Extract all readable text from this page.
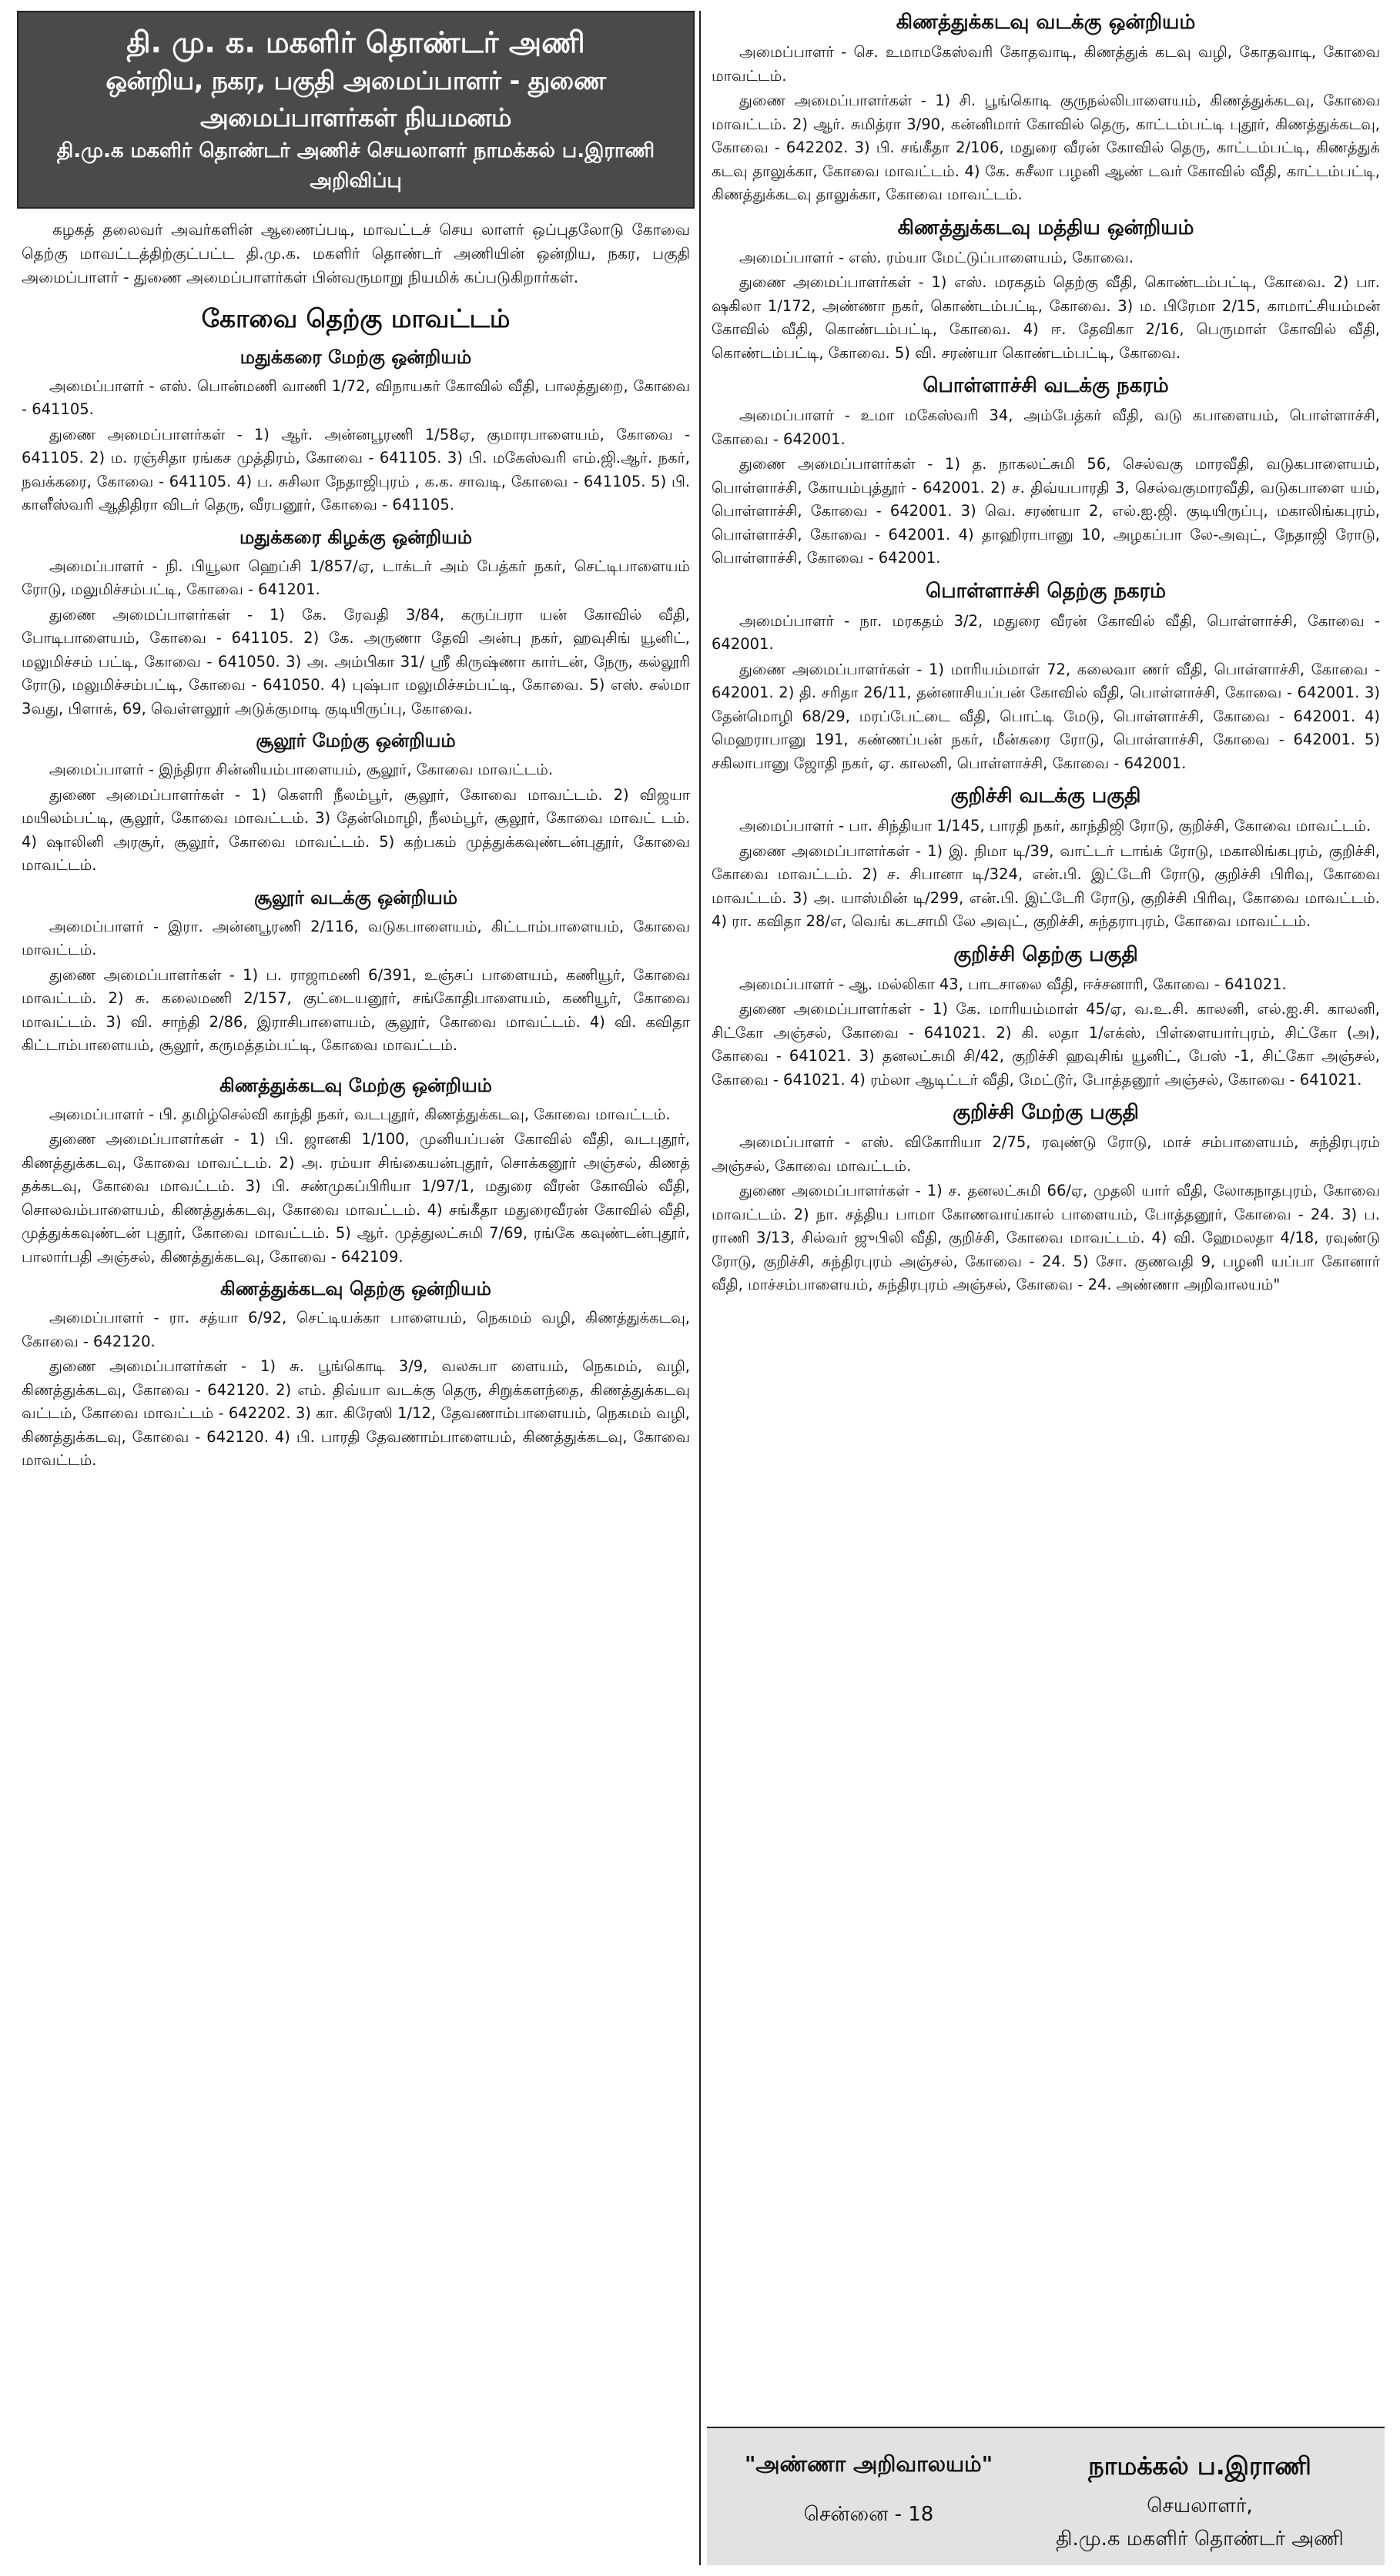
தி. மு. க. மகளிர் தொண்டர் அணி
ஒன்றிய, நகர, பகுதி அமைப்பாளர் - துணை அமைப்பாளர்கள் நியமனம்
தி.மு.க மகளிர் தொண்டர் அணிச் செயலாளர் நாமக்கல் ப.இராணி அறிவிப்பு
கழகத் தலைவர் அவர்களின் ஆணைப்படி, மாவட்டச் செய லாளர் ஒப்புதலோடு கோவை தெற்கு மாவட்டத்திற்குட்பட்ட தி.மு.க. மகளிர் தொண்டர் அணியின் ஒன்றிய, நகர, பகுதி அமைப்பாளர் - துணை அமைப்பாளர்கள் பின்வருமாறு நியமிக் கப்படுகிறார்கள்.
கோவை தெற்கு மாவட்டம்
மதுக்கரை மேற்கு ஒன்றியம்
அமைப்பாளர் - எஸ். பொன்மணி வாணி 1/72, விநாயகர் கோவில் வீதி, பாலத்துறை, கோவை - 641105.
துணை அமைப்பாளர்கள் - 1) ஆர். அன்னபூரணி 1/58ஏ, குமாரபாளையம், கோவை - 641105. 2) ம. ரஞ்சிதா ரங்கச முத்திரம், கோவை - 641105. 3) பி. மகேஸ்வரி எம்.ஜி.ஆர். நகர், நவக்கரை, கோவை - 641105. 4) ப. சுசிலா நேதாஜிபுரம் , க.க. சாவடி, கோவை - 641105. 5) பி. காளீஸ்வரி ஆதிதிரா விடர் தெரு, வீரபனூர், கோவை - 641105.
மதுக்கரை கிழக்கு ஒன்றியம்
அமைப்பாளர் - நி. பியூலா ஹெப்சி 1/857/ஏ, டாக்டர் அம் பேத்கர் நகர், செட்டிபாளையம் ரோடு, மலுமிச்சம்பட்டி, கோவை - 641201.
துணை அமைப்பாளர்கள் - 1) கே. ரேவதி 3/84, கருப்பரா யன் கோவில் வீதி, போடிபாளையம், கோவை - 641105. 2) கே. அருணா தேவி அன்பு நகர், ஹவுசிங் யூனிட், மலுமிச்சம் பட்டி, கோவை - 641050. 3) அ. அம்பிகா 31/ ஸ்ரீ கிருஷ்ணா கார்டன், நேரு, கல்லூரி ரோடு, மலுமிச்சம்பட்டி, கோவை - 641050. 4) புஷ்பா மலுமிச்சம்பட்டி, கோவை. 5) எஸ். சல்மா 3வது, பிளாக், 69, வெள்ளலூர் அடுக்குமாடி குடியிருப்பு, கோவை.
சூலூர் மேற்கு ஒன்றியம்
அமைப்பாளர் - இந்திரா சின்னியம்பாளையம், சூலூர், கோவை மாவட்டம்.
துணை அமைப்பாளர்கள் - 1) கௌரி நீலம்பூர், சூலூர், கோவை மாவட்டம். 2) விஜயா மயிலம்பட்டி, சூலூர், கோவை மாவட்டம். 3) தேன்மொழி, நீலம்பூர், சூலூர், கோவை மாவட் டம். 4) ஷாலினி அரசூர், சூலூர், கோவை மாவட்டம். 5) கற்பகம் முத்துக்கவுண்டன்புதூர், கோவை மாவட்டம்.
சூலூர் வடக்கு ஒன்றியம்
அமைப்பாளர் - இரா. அன்னபூரணி 2/116, வடுகபாளையம், கிட்டாம்பாளையம், கோவை மாவட்டம்.
துணை அமைப்பாளர்கள் - 1) ப. ராஜாமணி 6/391, உஞ்சப் பாளையம், கணியூர், கோவை மாவட்டம். 2) சு. கலைமணி 2/157, குட்டையனூர், சங்கோதிபாளையம், கணியூர், கோவை மாவட்டம். 3) வி. சாந்தி 2/86, இராசிபாளையம், சூலூர், கோவை மாவட்டம். 4) வி. கவிதா கிட்டாம்பாளையம், சூலூர், கருமத்தம்பட்டி, கோவை மாவட்டம்.
கிணத்துக்கடவு மேற்கு ஒன்றியம்
அமைப்பாளர் - பி. தமிழ்செல்வி காந்தி நகர், வடபுதூர், கிணத்துக்கடவு, கோவை மாவட்டம்.
துணை அமைப்பாளர்கள் - 1) பி. ஜானகி 1/100, முனியப்பன் கோவில் வீதி, வடபுதூர், கிணத்துக்கடவு, கோவை மாவட்டம். 2) அ. ரம்யா சிங்கையன்புதூர், சொக்கனூர் அஞ்சல், கிணத் தக்கடவு, கோவை மாவட்டம். 3) பி. சண்முகப்பிரியா 1/97/1, மதுரை வீரன் கோவில் வீதி, சொலவம்பாளையம், கிணத்துக்கடவு, கோவை மாவட்டம். 4) சங்கீதா மதுரைவீரன் கோவில் வீதி, முத்துக்கவுண்டன் புதூர், கோவை மாவட்டம். 5) ஆர். முத்துலட்சுமி 7/69, ரங்கே கவுண்டன்புதூர், பாலார்பதி அஞ்சல், கிணத்துக்கடவு, கோவை - 642109.
கிணத்துக்கடவு தெற்கு ஒன்றியம்
அமைப்பாளர் - ரா. சத்யா 6/92, செட்டியக்கா பாளையம், நெகமம் வழி, கிணத்துக்கடவு, கோவை - 642120.
துணை அமைப்பாளர்கள் - 1) சு. பூங்கொடி 3/9, வலசுபா ளையம், நெகமம், வழி, கிணத்துக்கடவு, கோவை - 642120. 2) எம். திவ்யா வடக்கு தெரு, சிறுக்களந்தை, கிணத்துக்கடவு வட்டம், கோவை மாவட்டம் - 642202. 3) கா. கிரேஸி 1/12, தேவணாம்பாளையம், நெகமம் வழி, கிணத்துக்கடவு, கோவை - 642120. 4) பி. பாரதி தேவணாம்பாளையம், கிணத்துக்கடவு, கோவை மாவட்டம்.
கிணத்துக்கடவு வடக்கு ஒன்றியம்
அமைப்பாளர் - செ. உமாமகேஸ்வரி கோதவாடி, கிணத்துக் கடவு வழி, கோதவாடி, கோவை மாவட்டம்.
துணை அமைப்பாளர்கள் - 1) சி. பூங்கொடி குருநல்லிபாளையம், கிணத்துக்கடவு, கோவை மாவட்டம். 2) ஆர். சுமித்ரா 3/90, கன்னிமார் கோவில் தெரு, காட்டம்பட்டி புதூர், கிணத்துக்கடவு, கோவை - 642202. 3) பி. சங்கீதா 2/106, மதுரை வீரன் கோவில் தெரு, காட்டம்பட்டி, கிணத்துக் கடவு தாலுக்கா, கோவை மாவட்டம். 4) கே. சுசீலா பழனி ஆண் டவர் கோவில் வீதி, காட்டம்பட்டி, கிணத்துக்கடவு தாலுக்கா, கோவை மாவட்டம்.
கிணத்துக்கடவு மத்திய ஒன்றியம்
அமைப்பாளர் - எஸ். ரம்யா மேட்டுப்பாளையம், கோவை.
துணை அமைப்பாளர்கள் - 1) எஸ். மரகதம் தெற்கு வீதி, கொண்டம்பட்டி, கோவை. 2) பா. ஷகிலா 1/172, அண்ணா நகர், கொண்டம்பட்டி, கோவை. 3) ம. பிரேமா 2/15, காமாட்சியம்மன் கோவில் வீதி, கொண்டம்பட்டி, கோவை. 4) ஈ. தேவிகா 2/16, பெருமாள் கோவில் வீதி, கொண்டம்பட்டி, கோவை. 5) வி. சரண்யா கொண்டம்பட்டி, கோவை.
பொள்ளாச்சி வடக்கு நகரம்
அமைப்பாளர் - உமா மகேஸ்வரி 34, அம்பேத்கர் வீதி, வடு கபாளையம், பொள்ளாச்சி, கோவை - 642001.
துணை அமைப்பாளர்கள் - 1) த. நாகலட்சுமி 56, செல்வகு மாரவீதி, வடுகபாளையம், பொள்ளாச்சி, கோயம்புத்தூர் - 642001. 2) ச. திவ்யபாரதி 3, செல்வகுமாரவீதி, வடுகபாளை யம், பொள்ளாச்சி, கோவை - 642001. 3) வெ. சரண்யா 2, எல்.ஐ.ஜி. குடியிருப்பு, மகாலிங்கபுரம், பொள்ளாச்சி, கோவை - 642001. 4) தாஹிராபானு 10, அழகப்பா லே-அவுட், நேதாஜி ரோடு, பொள்ளாச்சி, கோவை - 642001.
பொள்ளாச்சி தெற்கு நகரம்
அமைப்பாளர் - நா. மரகதம் 3/2, மதுரை வீரன் கோவில் வீதி, பொள்ளாச்சி, கோவை - 642001.
துணை அமைப்பாளர்கள் - 1) மாரியம்மாள் 72, கலைவா ணர் வீதி, பொள்ளாச்சி, கோவை - 642001. 2) தி. சரிதா 26/11, தன்னாசியப்பன் கோவில் வீதி, பொள்ளாச்சி, கோவை - 642001. 3) தேன்மொழி 68/29, மரப்பேட்டை வீதி, பொட்டி மேடு, பொள்ளாச்சி, கோவை - 642001. 4) மெஹராபானு 191, கண்ணப்பன் நகர், மீன்கரை ரோடு, பொள்ளாச்சி, கோவை - 642001. 5) சகிலாபானு ஜோதி நகர், ஏ. காலனி, பொள்ளாச்சி, கோவை - 642001.
குறிச்சி வடக்கு பகுதி
அமைப்பாளர் - பா. சிந்தியா 1/145, பாரதி நகர், காந்திஜி ரோடு, குறிச்சி, கோவை மாவட்டம்.
துணை அமைப்பாளர்கள் - 1) இ. நிமா டி/39, வாட்டர் டாங்க் ரோடு, மகாலிங்கபுரம், குறிச்சி, கோவை மாவட்டம். 2) ச. சிபானா டி/324, என்.பி. இட்டேரி ரோடு, குறிச்சி பிரிவு, கோவை மாவட்டம். 3) அ. யாஸ்மின் டி/299, என்.பி. இட்டேரி ரோடு, குறிச்சி பிரிவு, கோவை மாவட்டம். 4) ரா. கவிதா 28/எ, வெங் கடசாமி லே அவுட், குறிச்சி, சுந்தராபுரம், கோவை மாவட்டம்.
குறிச்சி தெற்கு பகுதி
அமைப்பாளர் - ஆ. மல்லிகா 43, பாடசாலை வீதி, ஈச்சனாரி, கோவை - 641021.
துணை அமைப்பாளர்கள் - 1) கே. மாரியம்மாள் 45/ஏ, வ.உ.சி. காலனி, எல்.ஐ.சி. காலனி, சிட்கோ அஞ்சல், கோவை - 641021. 2) கி. லதா 1/எக்ஸ், பிள்ளையார்புரம், சிட்கோ (அ), கோவை - 641021. 3) தனலட்சுமி சி/42, குறிச்சி ஹவுசிங் யூனிட், பேஸ் -1, சிட்கோ அஞ்சல், கோவை - 641021. 4) ரம்லா ஆடிட்டர் வீதி, மேட்டூர், போத்தனூர் அஞ்சல், கோவை - 641021.
குறிச்சி மேற்கு பகுதி
அமைப்பாளர் - எஸ். விகோரியா 2/75, ரவுண்டு ரோடு, மாச் சம்பாளையம், சுந்திரபுரம் அஞ்சல், கோவை மாவட்டம்.
துணை அமைப்பாளர்கள் - 1) ச. தனலட்சுமி 66/ஏ, முதலி யார் வீதி, லோகநாதபுரம், கோவை மாவட்டம். 2) நா. சத்திய பாமா கோணவாய்கால் பாளையம், போத்தனூர், கோவை - 24. 3) ப. ராணி 3/13, சில்வர் ஜுபிலி வீதி, குறிச்சி, கோவை மாவட்டம். 4) வி. ஹேமலதா 4/18, ரவுண்டு ரோடு, குறிச்சி, சுந்திரபுரம் அஞ்சல், கோவை - 24. 5) சோ. குணவதி 9, பழனி யப்பா கோனார் வீதி, மாச்சம்பாளையம், சுந்திரபுரம் அஞ்சல், கோவை - 24. அண்ணா அறிவாலயம்"
"அண்ணா அறிவாலயம்"
சென்னை - 18
நாமக்கல் ப.இராணி
செயலாளர்,
தி.மு.க மகளிர் தொண்டர் அணி
